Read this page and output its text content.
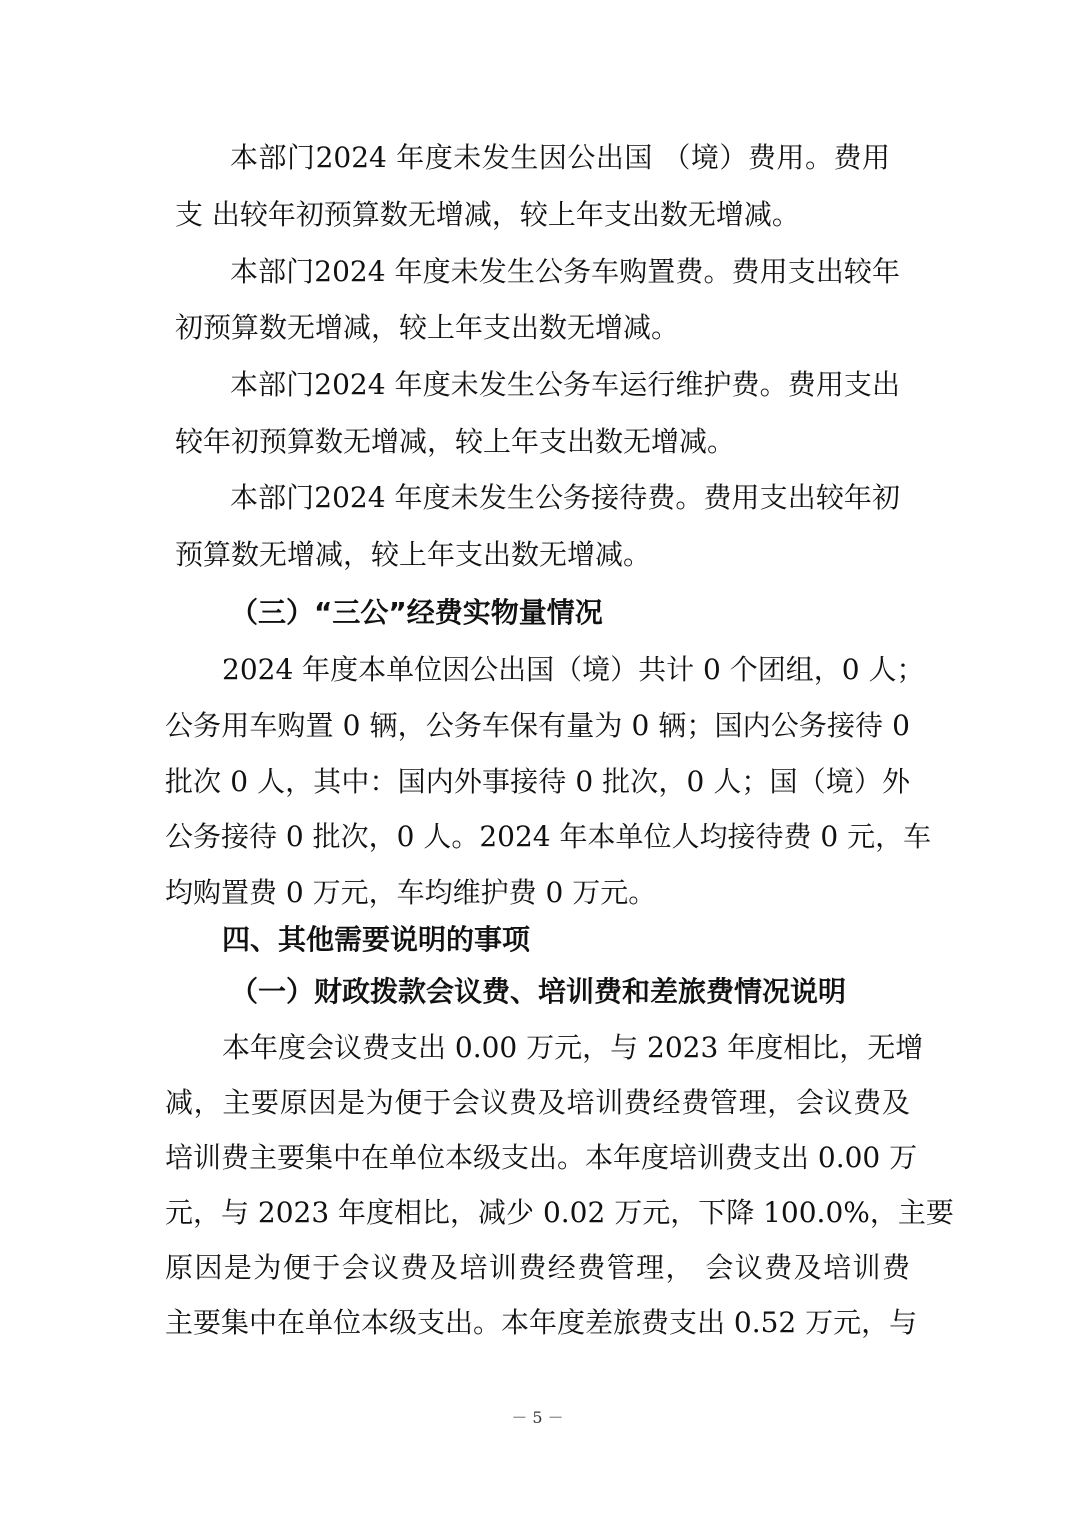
本部门2024 年度未发生因公出国 （境）费用。费用
支 出较年初预算数无增减，较上年支出数无增减。
本部门2024 年度未发生公务车购置费。费用支出较年
初预算数无增减，较上年支出数无增减。
本部门2024 年度未发生公务车运行维护费。费用支出
较年初预算数无增减，较上年支出数无增减。
本部门2024 年度未发生公务接待费。费用支出较年初
预算数无增减，较上年支出数无增减。
（三）“三公”经费实物量情况
2024 年度本单位因公出国（境）共计 0 个团组，0 人；
公务用车购置 0 辆，公务车保有量为 0 辆；国内公务接待 0
批次 0 人，其中：国内外事接待 0 批次，0 人；国（境）外
公务接待 0 批次，0 人。2024 年本单位人均接待费 0 元，车
均购置费 0 万元，车均维护费 0 万元。
四、其他需要说明的事项
（一）财政拨款会议费、培训费和差旅费情况说明
本年度会议费支出 0.00 万元，与 2023 年度相比，无增
减，主要原因是为便于会议费及培训费经费管理，会议费及
培训费主要集中在单位本级支出。本年度培训费支出 0.00 万
元，与 2023 年度相比，减少 0.02 万元，下降 100.0%，主要
原因是为便于会议费及培训费经费管理， 会议费及培训费
主要集中在单位本级支出。本年度差旅费支出 0.52 万元，与
－ 5 －
